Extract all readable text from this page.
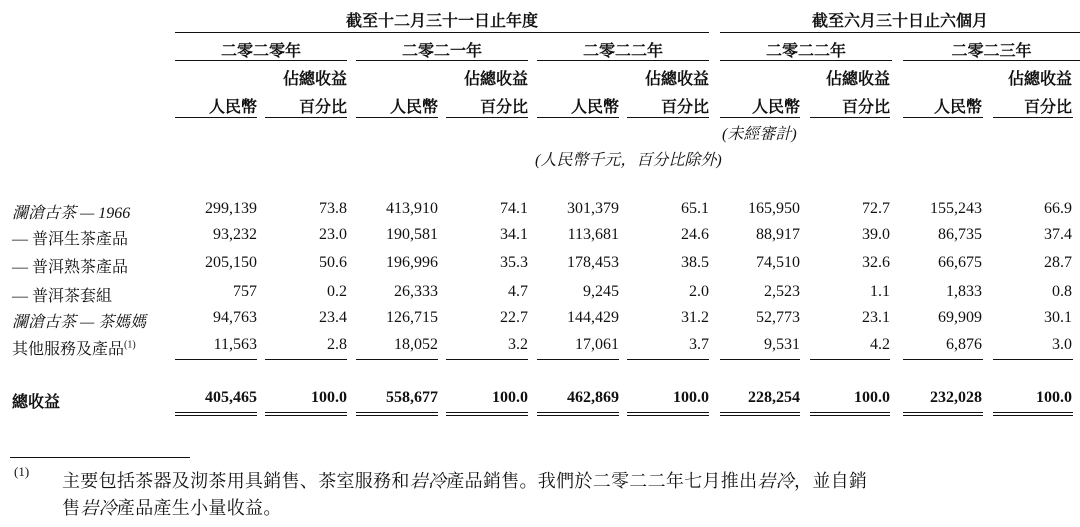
截至十二月三十一日止年度	截至六月三十日止六個月
二零二零年	二零二一年	二零二二年	二零二二年	二零二三年
佔總收益	佔總收益	佔總收益	佔總收益	佔總收益
人民幣	百分比	人民幣	百分比	人民幣	百分比	人民幣	百分比	人民幣	百分比
(未經審計)
(人民幣千元，百分比除外)
瀾滄古茶 — 1966	299,139	73.8 413,910	74.1 301,379	65.1 165,950	72.7	155,243	66.9
— 普洱生茶產品	93,232	23.0 190,581	34.1 113,681	24.6	88,917	39.0	86,735	37.4
— 普洱熟茶產品	205,150	50.6 196,996	35.3 178,453	38.5	74,510	32.6	66,675	28.7
— 普洱茶套組	757	0.2	26,333	4.7	9,245	2.0	2,523	1.1	1,833	0.8
瀾滄古茶 — 茶媽媽	94,763	23.4 126,715	22.7 144,429	31.2	52,773	23.1	69,909	30.1
其他服務及產品$^{(1)}$	11,563	2.8	18,052	3.2	17,061	3.7	9,531	4.2	6,876	3.0
總收益	405,465	100.0 558,677	100.0 462,869	100.0 228,254	100.0	232,028	100.0
(1) 主要包括茶器及沏茶用具銷售、茶室服務和岩冷產品銷售。我們於二零二二年七月推出岩冷，並自銷
售岩冷產品產生小量收益。
